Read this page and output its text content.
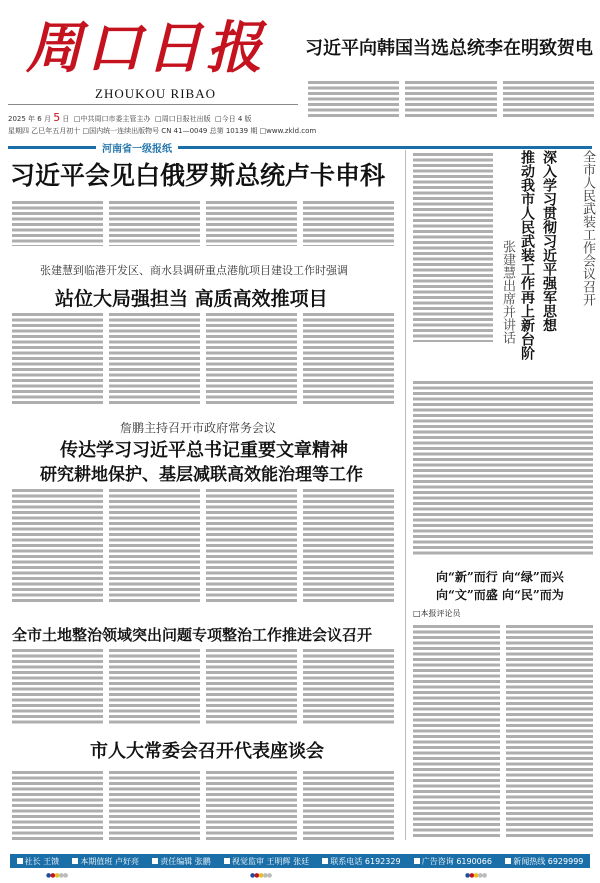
周口日报
ZHOUKOU RIBAO
2025 年 6 月 5 日 □中共周口市委主管主办 □周口日报社出版 □今日 4 版
星期四 乙巳年五月初十 □国内统一连续出版物号 CN 41—0049 总第 10139 期 □www.zkld.com
河南省一级报纸
习近平向韩国当选总统李在明致贺电
习近平会见白俄罗斯总统卢卡申科
张建慧到临港开发区、商水县调研重点港航项目建设工作时强调
站位大局强担当 高质高效推项目	张建慧出席并讲话 深入学习贯彻习近平强军思想
推动我市人民武装工作再上新台阶	全市人民武装工作会议召开
詹鹏主持召开市政府常务会议
传达学习习近平总书记重要文章精神
研究耕地保护、基层减联高效能治理等工作
向“新”而行 向“绿”而兴
向“文”而盛 向“民”而为
□本报评论员
全市土地整治领域突出问题专项整治工作推进会议召开
市人大常委会召开代表座谈会
社长 王馈	本期值班 卢好亮	责任编辑 张鹏	视觉监审 王明辉 张廷	联系电话 6192329	广告咨询 6190066	新闻热线 6929999
●●●●●	●●●●●	●●●●●
